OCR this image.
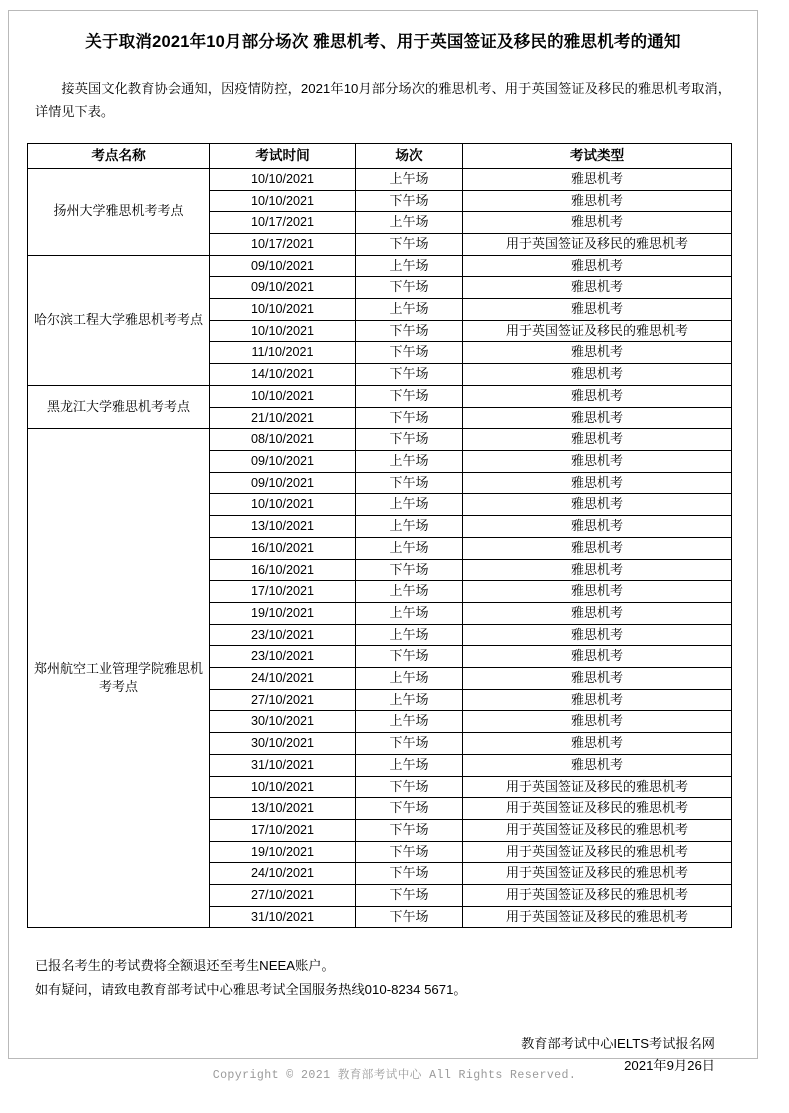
关于取消2021年10月部分场次 雅思机考、用于英国签证及移民的雅思机考的通知

接英国文化教育协会通知，因疫情防控，2021年10月部分场次的雅思机考、用于英国签证及移民的雅思机考取消，详情见下表。

考点名称	考试时间	场次	考试类型
扬州大学雅思机考考点	10/10/2021	上午场	雅思机考
	10/10/2021	下午场	雅思机考
	10/17/2021	上午场	雅思机考
	10/17/2021	下午场	用于英国签证及移民的雅思机考
哈尔滨工程大学雅思机考考点	09/10/2021	上午场	雅思机考
	09/10/2021	下午场	雅思机考
	10/10/2021	上午场	雅思机考
	10/10/2021	下午场	用于英国签证及移民的雅思机考
	11/10/2021	下午场	雅思机考
	14/10/2021	下午场	雅思机考
黑龙江大学雅思机考考点	10/10/2021	下午场	雅思机考
	21/10/2021	下午场	雅思机考
郑州航空工业管理学院雅思机考考点	08/10/2021	下午场	雅思机考
	09/10/2021	上午场	雅思机考
	09/10/2021	下午场	雅思机考
	10/10/2021	上午场	雅思机考
	13/10/2021	上午场	雅思机考
	16/10/2021	上午场	雅思机考
	16/10/2021	下午场	雅思机考
	17/10/2021	上午场	雅思机考
	19/10/2021	上午场	雅思机考
	23/10/2021	上午场	雅思机考
	23/10/2021	下午场	雅思机考
	24/10/2021	上午场	雅思机考
	27/10/2021	上午场	雅思机考
	30/10/2021	上午场	雅思机考
	30/10/2021	下午场	雅思机考
	31/10/2021	上午场	雅思机考
	10/10/2021	下午场	用于英国签证及移民的雅思机考
	13/10/2021	下午场	用于英国签证及移民的雅思机考
	17/10/2021	下午场	用于英国签证及移民的雅思机考
	19/10/2021	下午场	用于英国签证及移民的雅思机考
	24/10/2021	下午场	用于英国签证及移民的雅思机考
	27/10/2021	下午场	用于英国签证及移民的雅思机考
	31/10/2021	下午场	用于英国签证及移民的雅思机考
已报名考生的考试费将全额退还至考生NEEA账户。
如有疑问，请致电教育部考试中心雅思考试全国服务热线010-8234 5671。
教育部考试中心IELTS考试报名网
2021年9月26日
Copyright © 2021 教育部考试中心 All Rights Reserved.
